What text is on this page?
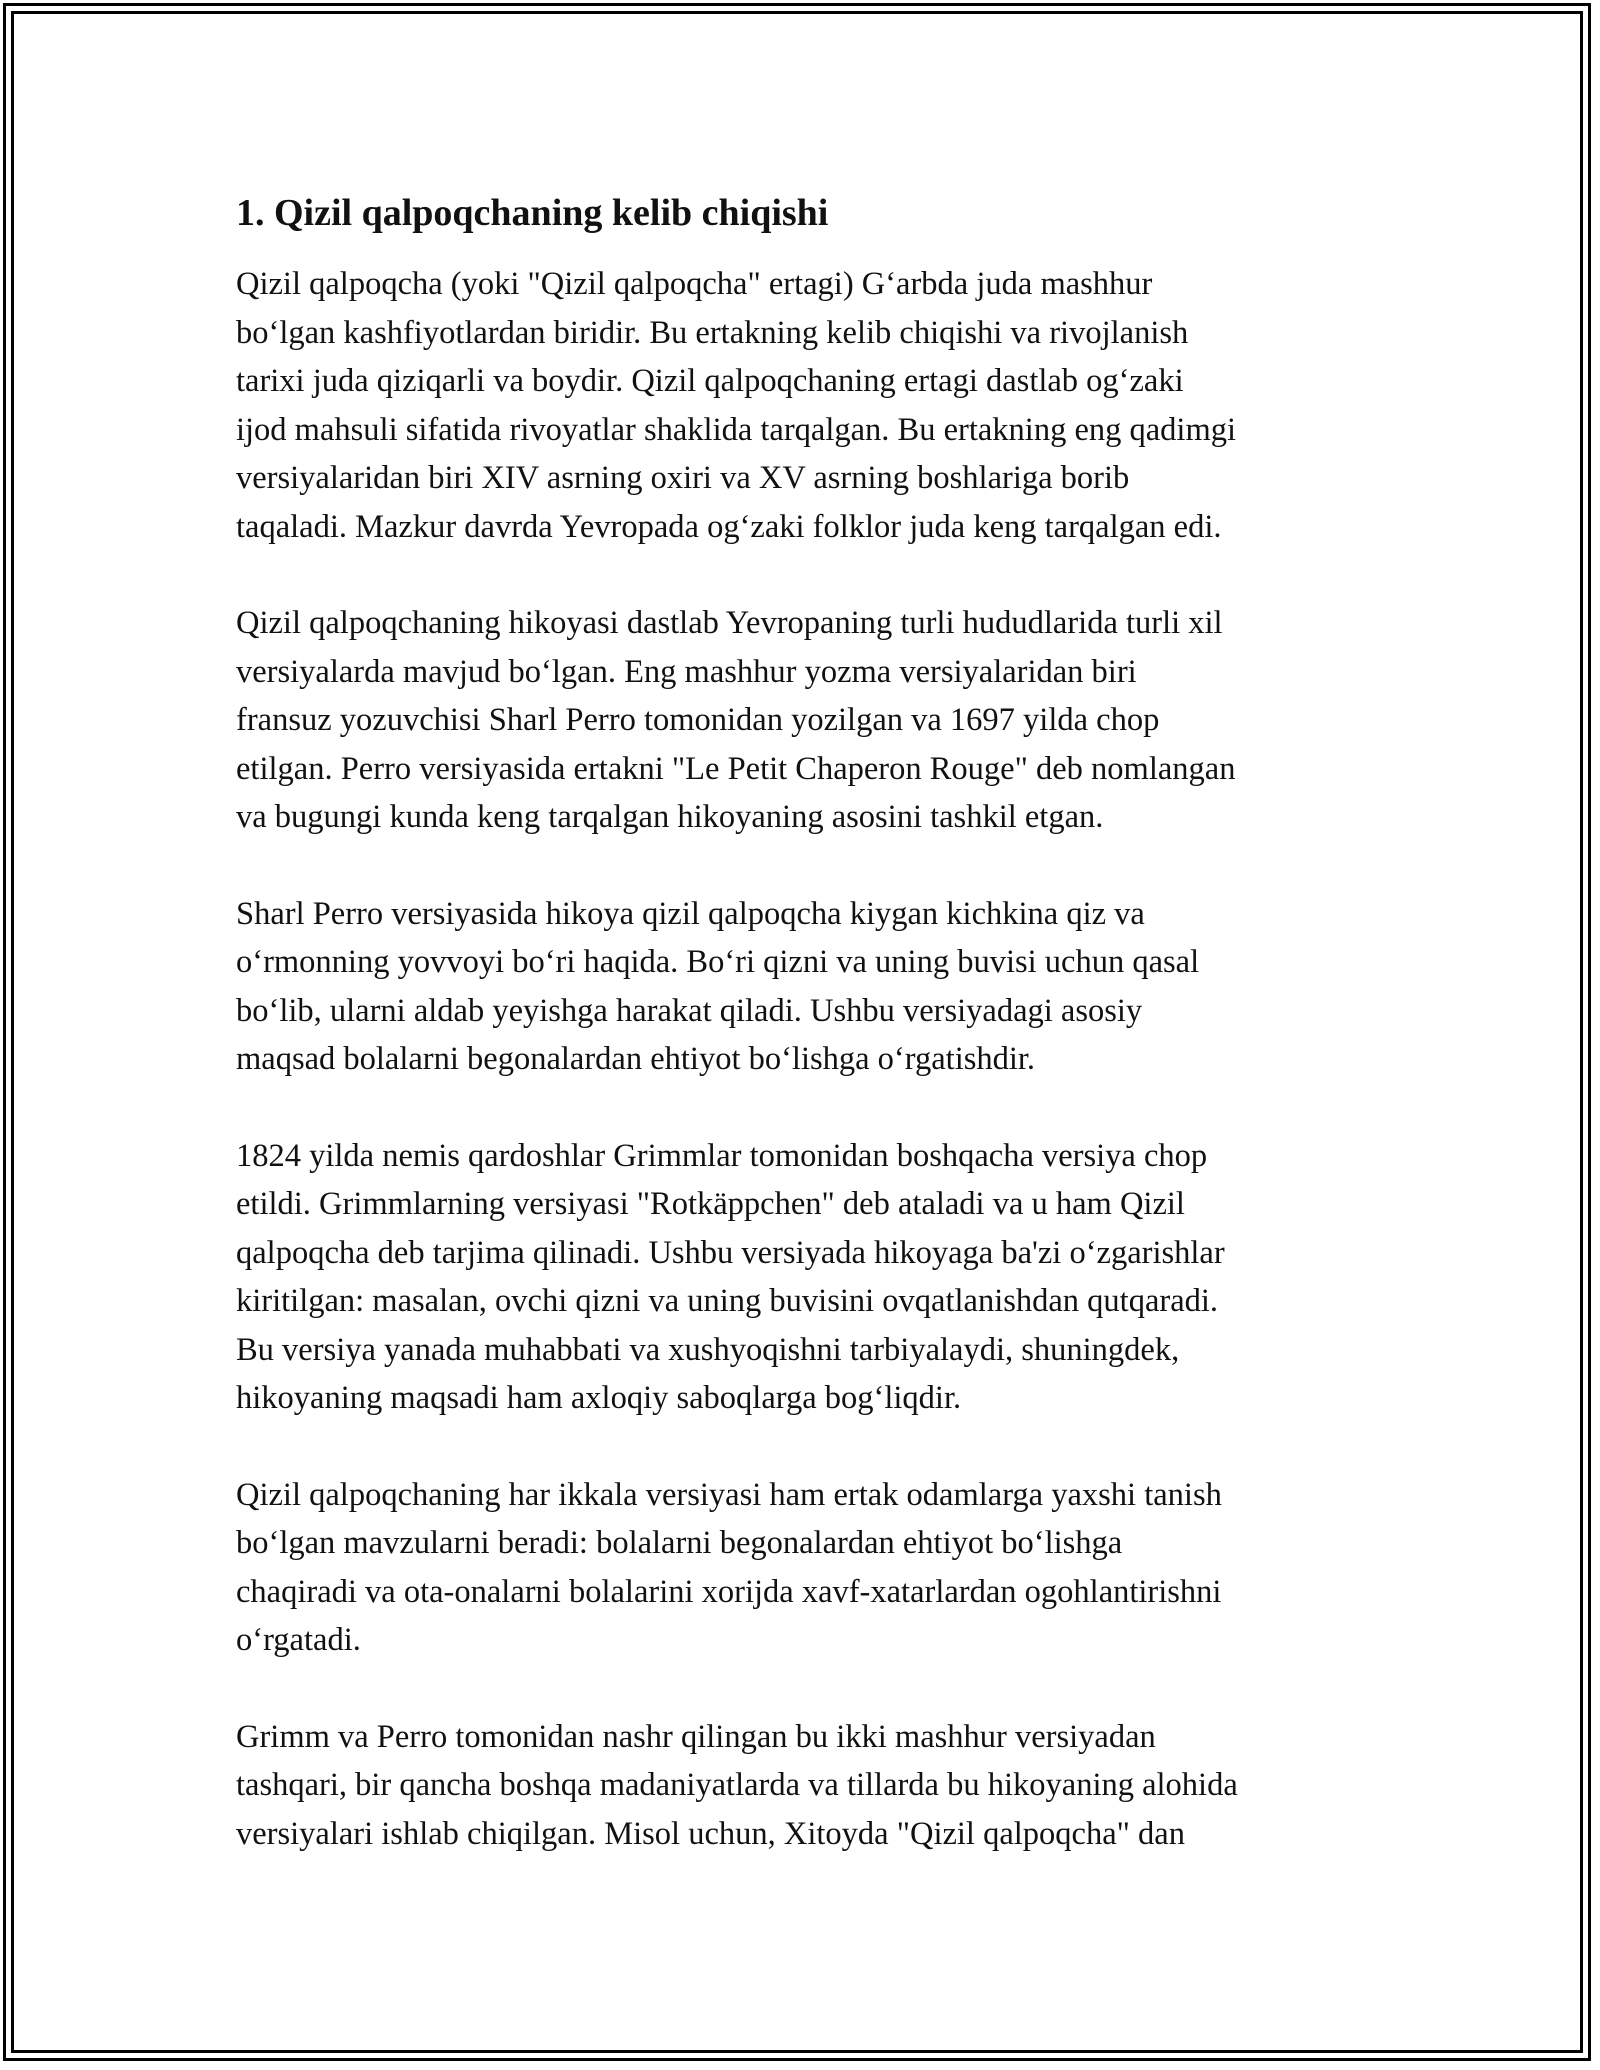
1. Qizil qalpoqchaning kelib chiqishi

Qizil qalpoqcha (yoki "Qizil qalpoqcha" ertagi) Gʻarbda juda mashhur
boʻlgan kashfiyotlardan biridir. Bu ertakning kelib chiqishi va rivojlanish
tarixi juda qiziqarli va boydir. Qizil qalpoqchaning ertagi dastlab ogʻzaki
ijod mahsuli sifatida rivoyatlar shaklida tarqalgan. Bu ertakning eng qadimgi
versiyalaridan biri XIV asrning oxiri va XV asrning boshlariga borib
taqaladi. Mazkur davrda Yevropada ogʻzaki folklor juda keng tarqalgan edi.

Qizil qalpoqchaning hikoyasi dastlab Yevropaning turli hududlarida turli xil
versiyalarda mavjud boʻlgan. Eng mashhur yozma versiyalaridan biri
fransuz yozuvchisi Sharl Perro tomonidan yozilgan va 1697 yilda chop
etilgan. Perro versiyasida ertakni "Le Petit Chaperon Rouge" deb nomlangan
va bugungi kunda keng tarqalgan hikoyaning asosini tashkil etgan.

Sharl Perro versiyasida hikoya qizil qalpoqcha kiygan kichkina qiz va
oʻrmonning yovvoyi boʻri haqida. Boʻri qizni va uning buvisi uchun qasal
boʻlib, ularni aldab yeyishga harakat qiladi. Ushbu versiyadagi asosiy
maqsad bolalarni begonalardan ehtiyot boʻlishga oʻrgatishdir.

1824 yilda nemis qardoshlar Grimmlar tomonidan boshqacha versiya chop
etildi. Grimmlarning versiyasi "Rotkäppchen" deb ataladi va u ham Qizil
qalpoqcha deb tarjima qilinadi. Ushbu versiyada hikoyaga ba'zi oʻzgarishlar
kiritilgan: masalan, ovchi qizni va uning buvisini ovqatlanishdan qutqaradi.
Bu versiya yanada muhabbati va xushyoqishni tarbiyalaydi, shuningdek,
hikoyaning maqsadi ham axloqiy saboqlarga bogʻliqdir.

Qizil qalpoqchaning har ikkala versiyasi ham ertak odamlarga yaxshi tanish
boʻlgan mavzularni beradi: bolalarni begonalardan ehtiyot boʻlishga
chaqiradi va ota-onalarni bolalarini xorijda xavf-xatarlardan ogohlantirishni
oʻrgatadi.

Grimm va Perro tomonidan nashr qilingan bu ikki mashhur versiyadan
tashqari, bir qancha boshqa madaniyatlarda va tillarda bu hikoyaning alohida
versiyalari ishlab chiqilgan. Misol uchun, Xitoyda "Qizil qalpoqcha" dan
